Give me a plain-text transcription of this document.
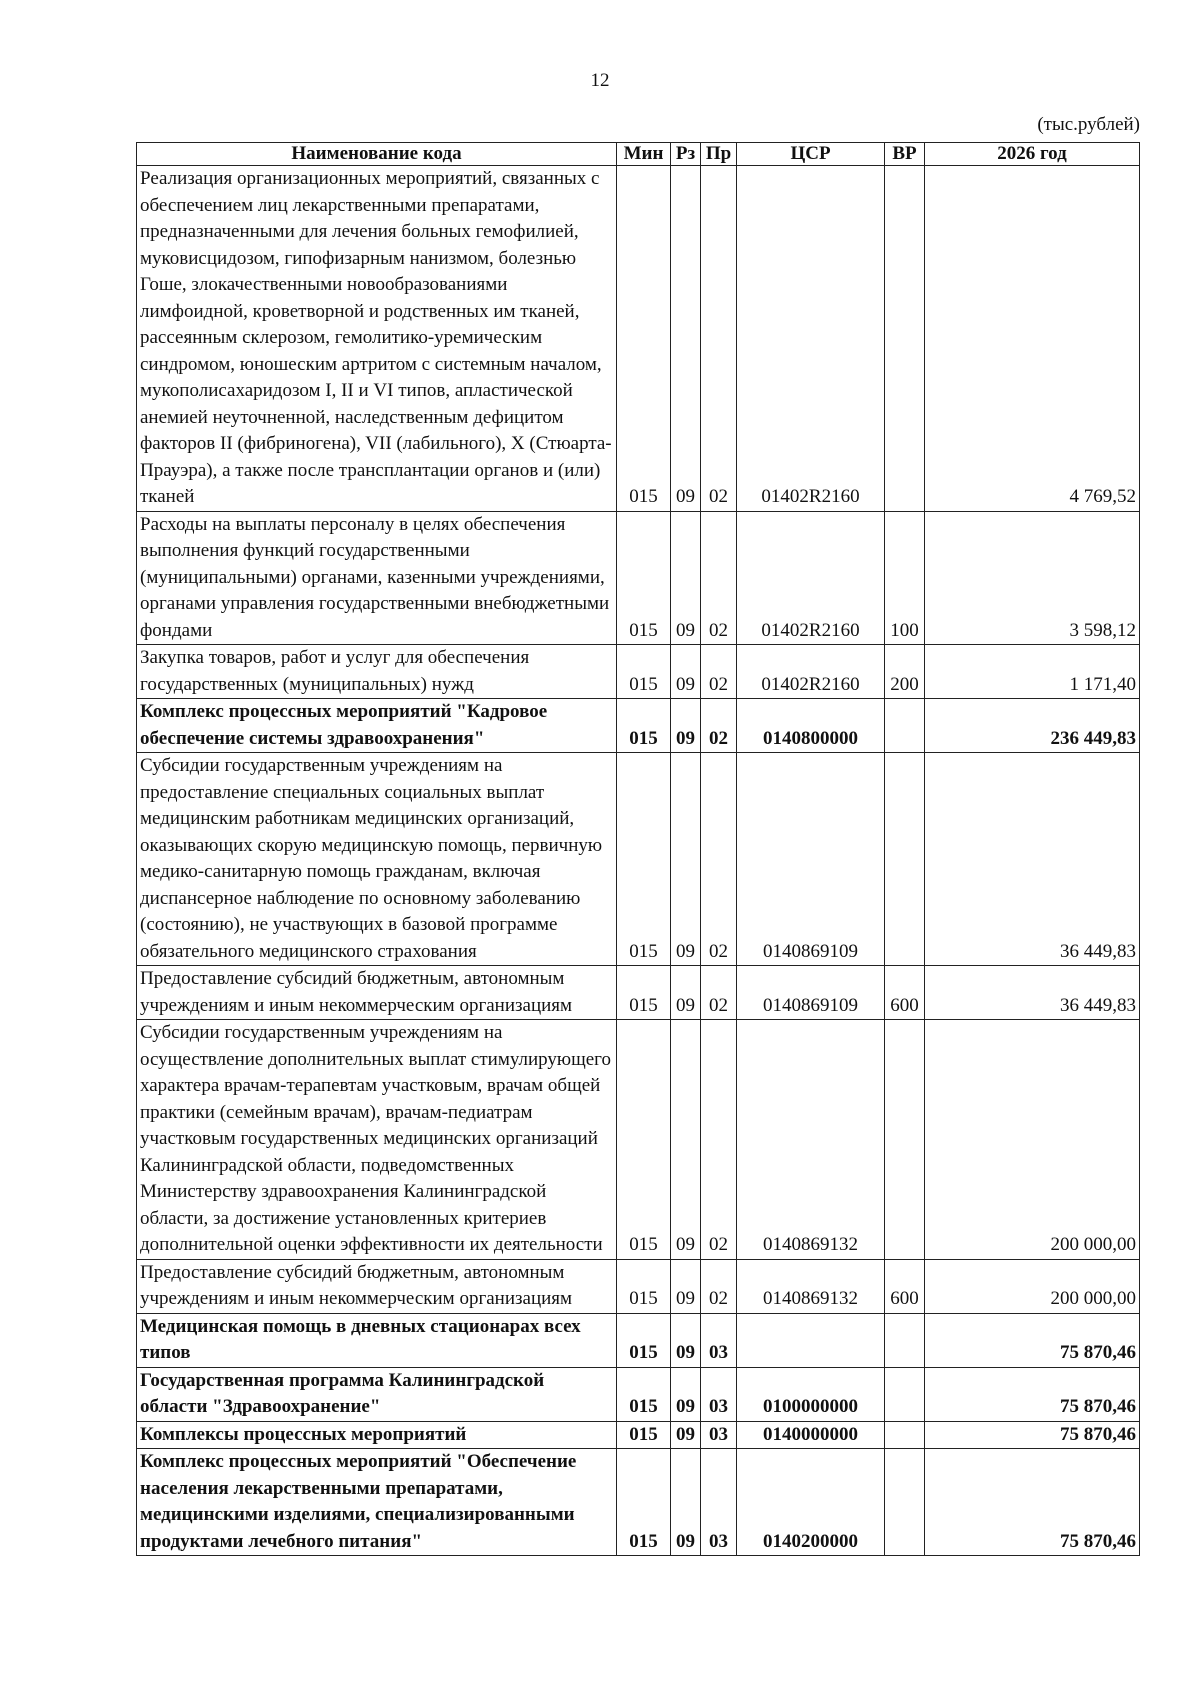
12
(тыс.рублей)
Наименование кода	Мин	Рз	Пр	ЦСР	ВР	2026 год
Реализация организационных мероприятий, связанных с обеспечением лиц лекарственными препаратами, предназначенными для лечения больных гемофилией, муковисцидозом, гипофизарным нанизмом, болезнью Гоше, злокачественными новообразованиями лимфоидной, кроветворной и родственных им тканей, рассеянным склерозом, гемолитико-уремическим синдромом, юношеским артритом с системным началом, мукополисахаридозом I, II и VI типов, апластической анемией неуточненной, наследственным дефицитом факторов II (фибриногена), VII (лабильного), X (Стюарта-Прауэра), а также после трансплантации органов и (или) тканей	015	09	02	01402R2160		4 769,52
Расходы на выплаты персоналу в целях обеспечения выполнения функций государственными (муниципальными) органами, казенными учреждениями, органами управления государственными внебюджетными фондами	015	09	02	01402R2160	100	3 598,12
Закупка товаров, работ и услуг для обеспечения государственных (муниципальных) нужд	015	09	02	01402R2160	200	1 171,40
Комплекс процессных мероприятий "Кадровое обеспечение системы здравоохранения"	015	09	02	0140800000		236 449,83
Субсидии государственным учреждениям на предоставление специальных социальных выплат медицинским работникам медицинских организаций, оказывающих скорую медицинскую помощь, первичную медико-санитарную помощь гражданам, включая диспансерное наблюдение по основному заболеванию (состоянию), не участвующих в базовой программе обязательного медицинского страхования	015	09	02	0140869109		36 449,83
Предоставление субсидий бюджетным, автономным учреждениям и иным некоммерческим организациям	015	09	02	0140869109	600	36 449,83
Субсидии государственным учреждениям на осуществление дополнительных выплат стимулирующего характера врачам-терапевтам участковым, врачам общей практики (семейным врачам), врачам-педиатрам участковым государственных медицинских организаций Калининградской области, подведомственных Министерству здравоохранения Калининградской области, за достижение установленных критериев дополнительной оценки эффективности их деятельности	015	09	02	0140869132		200 000,00
Предоставление субсидий бюджетным, автономным учреждениям и иным некоммерческим организациям	015	09	02	0140869132	600	200 000,00
Медицинская помощь в дневных стационарах всех типов	015	09	03			75 870,46
Государственная программа Калининградской области "Здравоохранение"	015	09	03	0100000000		75 870,46
Комплексы процессных мероприятий	015	09	03	0140000000		75 870,46
Комплекс процессных мероприятий "Обеспечение населения лекарственными препаратами, медицинскими изделиями, специализированными продуктами лечебного питания"	015	09	03	0140200000		75 870,46
